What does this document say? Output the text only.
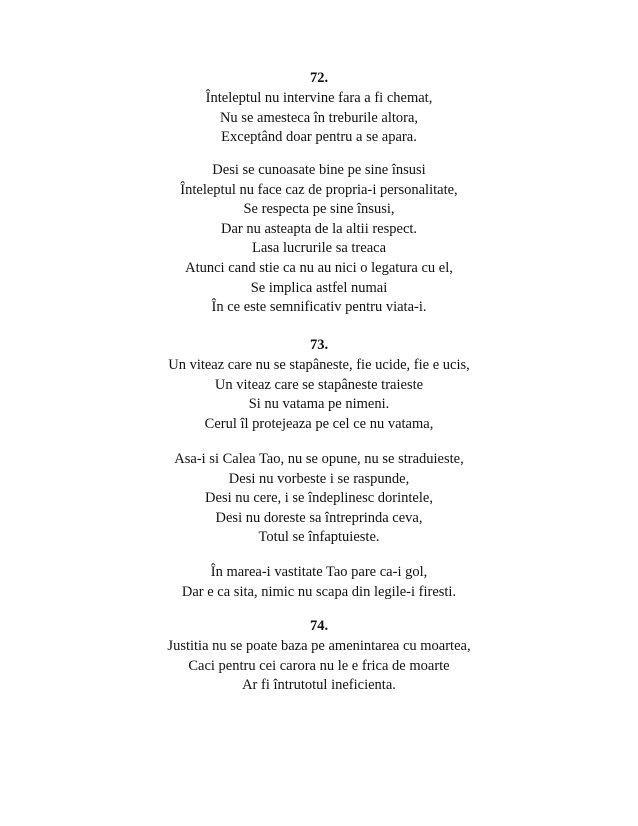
72.
Înteleptul nu intervine fara a fi chemat,
Nu se amesteca în treburile altora,
Exceptând doar pentru a se apara.
Desi se cunoasate bine pe sine însusi
Înteleptul nu face caz de propria-i personalitate,
Se respecta pe sine însusi,
Dar nu asteapta de la altii respect.
Lasa lucrurile sa treaca
Atunci cand stie ca nu au nici o legatura cu el,
Se implica astfel numai
În ce este semnificativ pentru viata-i.
73.
Un viteaz care nu se stapâneste, fie ucide, fie e ucis,
Un viteaz care se stapâneste traieste
Si nu vatama pe nimeni.
Cerul îl protejeaza pe cel ce nu vatama,
Asa-i si Calea Tao, nu se opune, nu se straduieste,
Desi nu vorbeste i se raspunde,
Desi nu cere, i se îndeplinesc dorintele,
Desi nu doreste sa întreprinda ceva,
Totul se înfaptuieste.
În marea-i vastitate Tao pare ca-i gol,
Dar e ca sita, nimic nu scapa din legile-i firesti.
74.
Justitia nu se poate baza pe amenintarea cu moartea,
Caci pentru cei carora nu le e frica de moarte
Ar fi întrutotul ineficienta.
